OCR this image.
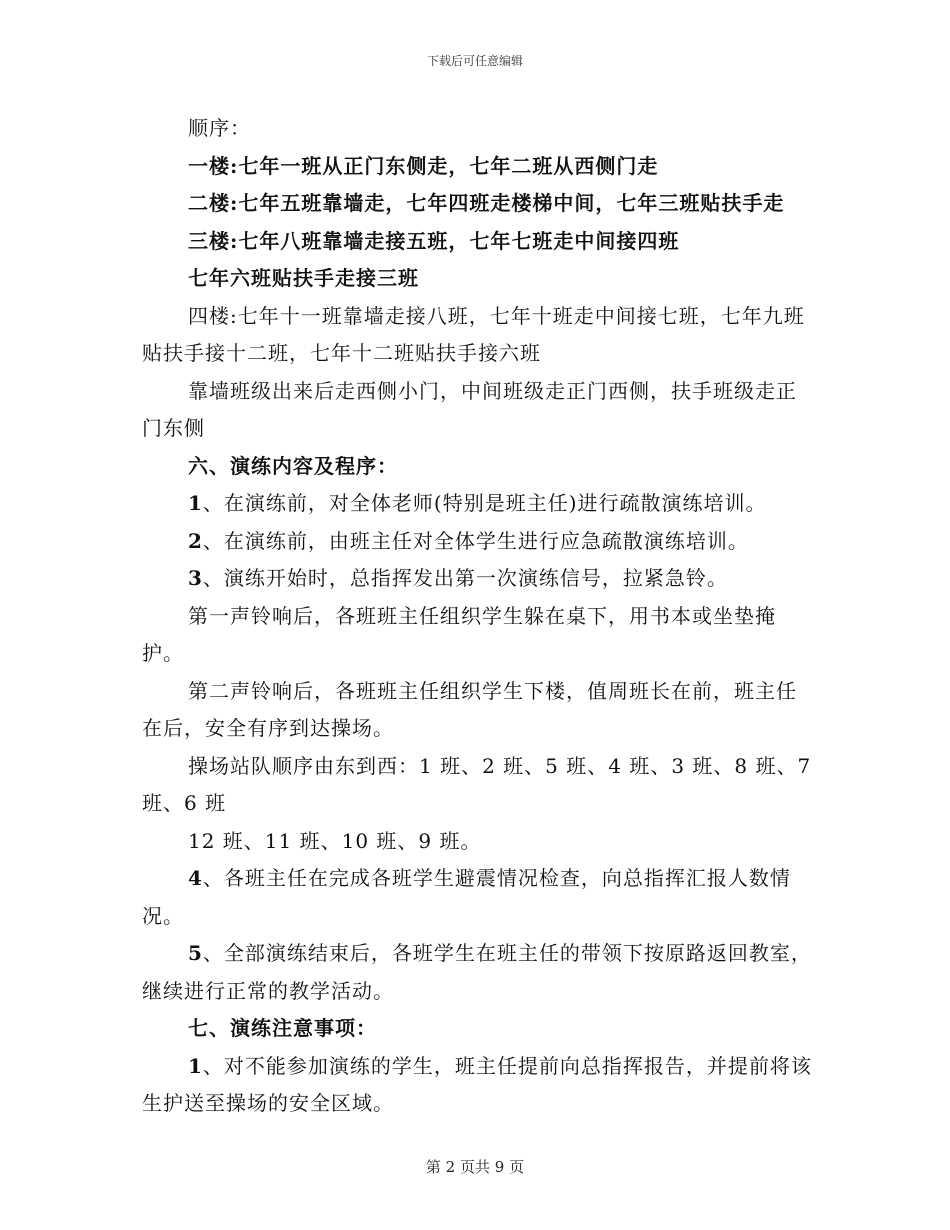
下载后可任意编辑

顺序：

一楼:七年一班从正门东侧走，七年二班从西侧门走

二楼:七年五班靠墙走，七年四班走楼梯中间，七年三班贴扶手走

三楼:七年八班靠墙走接五班，七年七班走中间接四班

七年六班贴扶手走接三班

四楼:七年十一班靠墙走接八班，七年十班走中间接七班，七年九班贴扶手接十二班，七年十二班贴扶手接六班

靠墙班级出来后走西侧小门，中间班级走正门西侧，扶手班级走正门东侧

六、演练内容及程序：

1、在演练前，对全体老师(特别是班主任)进行疏散演练培训。

2、在演练前，由班主任对全体学生进行应急疏散演练培训。

3、演练开始时，总指挥发出第一次演练信号，拉紧急铃。

第一声铃响后，各班班主任组织学生躲在桌下，用书本或坐垫掩护。

第二声铃响后，各班班主任组织学生下楼，值周班长在前，班主任在后，安全有序到达操场。

操场站队顺序由东到西：1 班、2 班、5 班、4 班、3 班、8 班、7 班、6 班

12 班、11 班、10 班、9 班。

4、各班主任在完成各班学生避震情况检查，向总指挥汇报人数情况。

5、全部演练结束后，各班学生在班主任的带领下按原路返回教室，继续进行正常的教学活动。

七、演练注意事项：

1、对不能参加演练的学生，班主任提前向总指挥报告，并提前将该生护送至操场的安全区域。

第 2 页共 9 页
